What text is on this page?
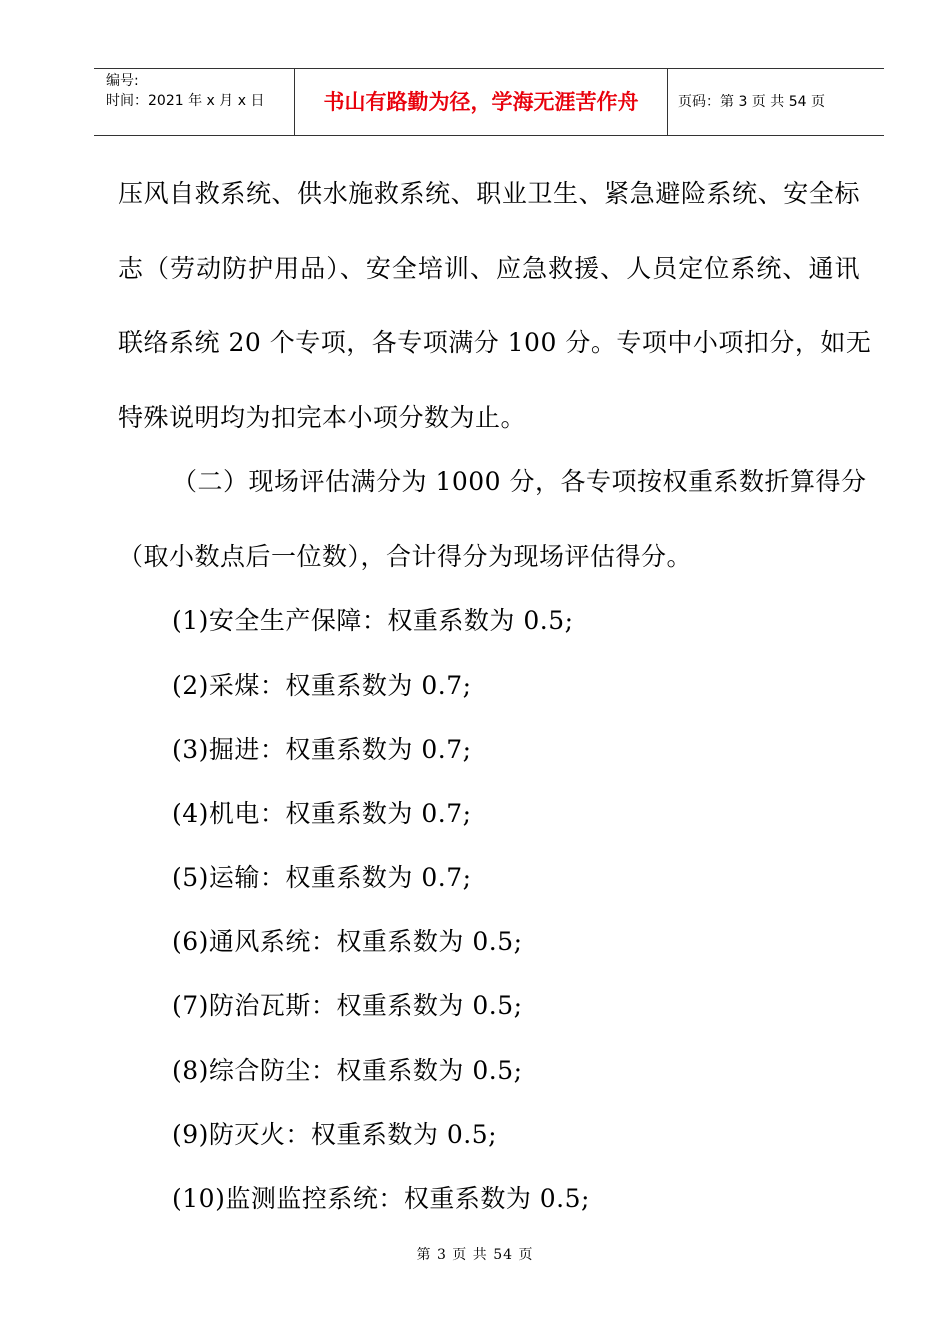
编号:
时间：2021 年 x 月 x 日	书山有路勤为径，学海无涯苦作舟	页码：第 3 页 共 54 页
压风自救系统、供水施救系统、职业卫生、紧急避险系统、安全标
志（劳动防护用品）、安全培训、应急救援、人员定位系统、通讯
联络系统 20 个专项，各专项满分 100 分。专项中小项扣分，如无
特殊说明均为扣完本小项分数为止。
（二）现场评估满分为 1000 分，各专项按权重系数折算得分
（取小数点后一位数），合计得分为现场评估得分。
(1)安全生产保障：权重系数为 0.5;
(2)采煤：权重系数为 0.7;
(3)掘进：权重系数为 0.7;
(4)机电：权重系数为 0.7;
(5)运输：权重系数为 0.7;
(6)通风系统：权重系数为 0.5;
(7)防治瓦斯：权重系数为 0.5;
(8)综合防尘：权重系数为 0.5;
(9)防灭火：权重系数为 0.5;
(10)监测监控系统：权重系数为 0.5;
第 3 页 共 54 页
